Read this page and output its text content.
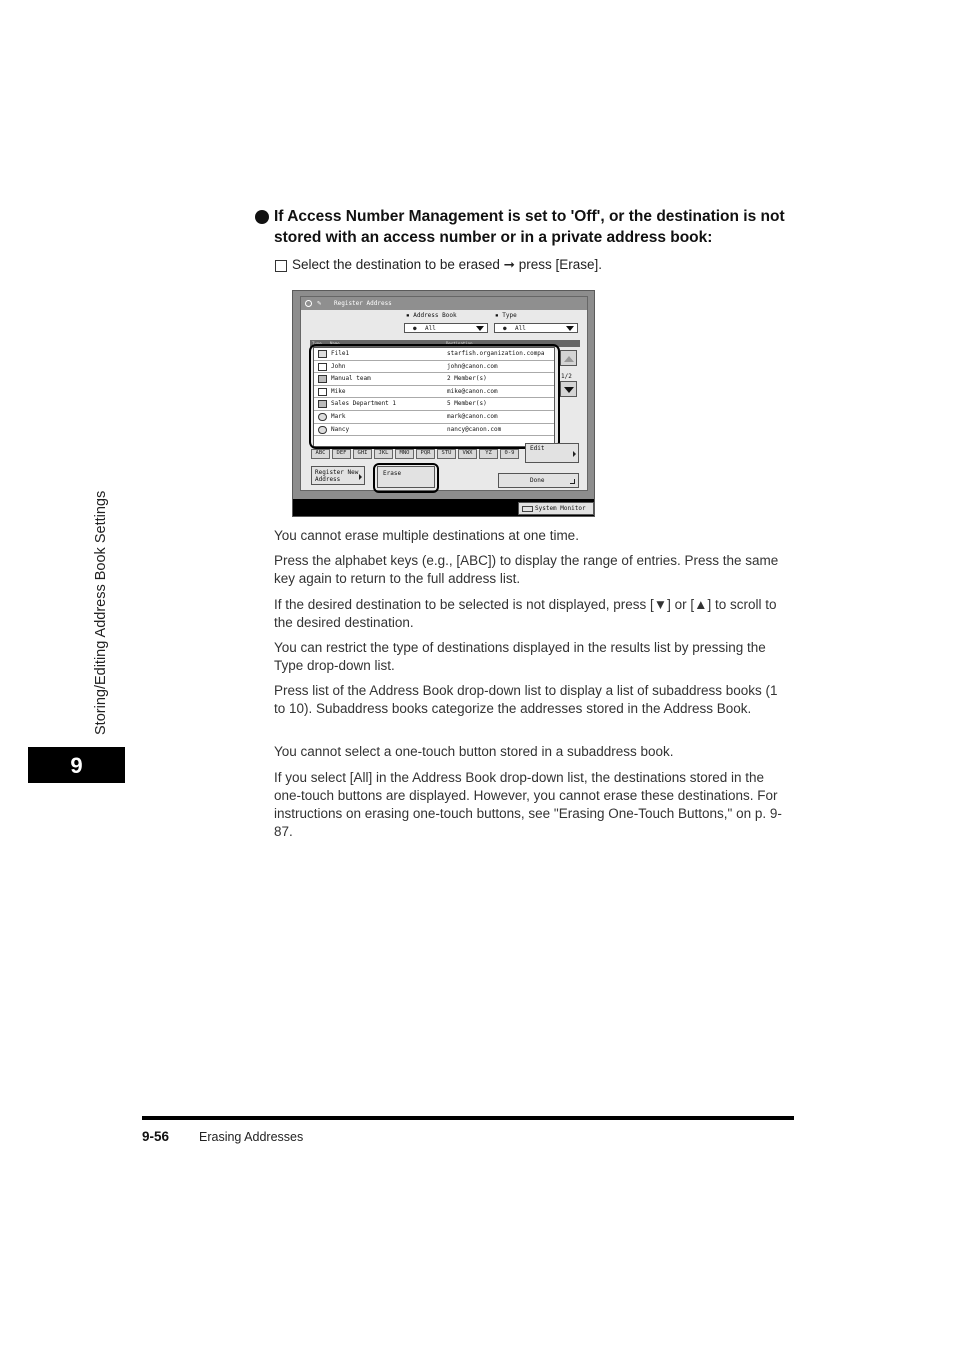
Storing/Editing Address Book Settings
9
If Access Number Management is set to 'Off', or the destination is not stored with an access number or in a private address book:
Select the destination to be erased ➞ press [Erase].
✎ Register Address
▪ Address Book
● All
▪ Type
● All
Type Name	Destination
File1	starfish.organization.compa
John	john@canon.com
Manual team	2 Member(s)
Mike	mike@canon.com
Sales Department 1	5 Member(s)
Mark	mark@canon.com
Nancy	nancy@canon.com
1/2
ABC	DEF	GHI	JKL	MNO	PQR	STU	VWX	YZ	0-9
Edit
Register New
Address
Erase
Done
System Monitor
You cannot erase multiple destinations at one time.
Press the alphabet keys (e.g., [ABC]) to display the range of entries. Press the same key again to return to the full address list.
If the desired destination to be selected is not displayed, press [▼] or [▲] to scroll to the desired destination.
You can restrict the type of destinations displayed in the results list by pressing the Type drop-down list.
Press list of the Address Book drop-down list to display a list of subaddress books (1 to 10). Subaddress books categorize the addresses stored in the Address Book.
You cannot select a one-touch button stored in a subaddress book.
If you select [All] in the Address Book drop-down list, the destinations stored in the one-touch buttons are displayed. However, you cannot erase these destinations. For instructions on erasing one-touch buttons, see "Erasing One-Touch Buttons," on p. 9-87.
9-56 Erasing Addresses
